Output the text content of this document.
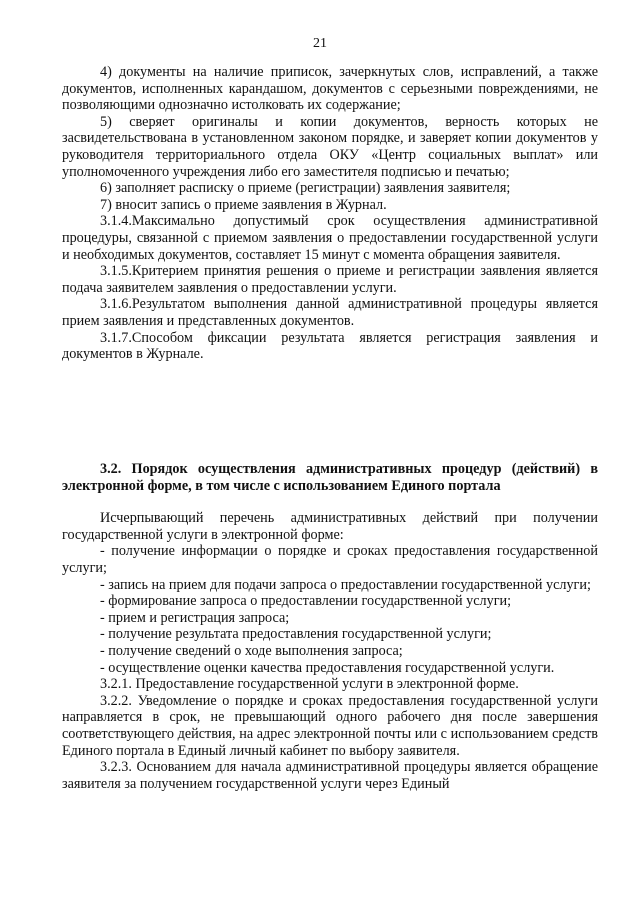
21

4) документы на наличие приписок, зачеркнутых слов, исправлений, а также документов, исполненных карандашом, документов с серьезными повреждениями, не позволяющими однозначно истолковать их содержание;

5) сверяет оригиналы и копии документов, верность которых не засвидетельствована в установленном законом порядке, и заверяет копии документов у руководителя территориального отдела ОКУ «Центр социальных выплат» или уполномоченного учреждения либо его заместителя подписью и печатью;

6) заполняет расписку о приеме (регистрации) заявления заявителя;

7) вносит запись о приеме заявления в Журнал.

3.1.4.Максимально допустимый срок осуществления административной процедуры, связанной с приемом заявления о предоставлении государственной услуги и необходимых документов, составляет 15 минут с момента обращения заявителя.

3.1.5.Критерием принятия решения о приеме и регистрации заявления является подача заявителем заявления о предоставлении услуги.

3.1.6.Результатом выполнения данной административной процедуры является прием заявления и представленных документов.

3.1.7.Способом фиксации результата является регистрация заявления и документов в Журнале.

3.2. Порядок осуществления административных процедур (действий) в электронной форме, в том числе с использованием Единого портала

Исчерпывающий перечень административных действий при получении государственной услуги в электронной форме:

- получение информации о порядке и сроках предоставления государственной услуги;

- запись на прием для подачи запроса о предоставлении государственной услуги;

- формирование запроса о предоставлении государственной услуги;

- прием и регистрация запроса;

- получение результата предоставления государственной услуги;

- получение сведений о ходе выполнения запроса;

- осуществление оценки качества предоставления государственной услуги.

3.2.1. Предоставление государственной услуги в электронной форме.

3.2.2. Уведомление о порядке и сроках предоставления государственной услуги направляется в срок, не превышающий одного рабочего дня после завершения соответствующего действия, на адрес электронной почты или с использованием средств Единого портала в Единый личный кабинет по выбору заявителя.

3.2.3. Основанием для начала административной процедуры является обращение заявителя за получением государственной услуги через Единый
